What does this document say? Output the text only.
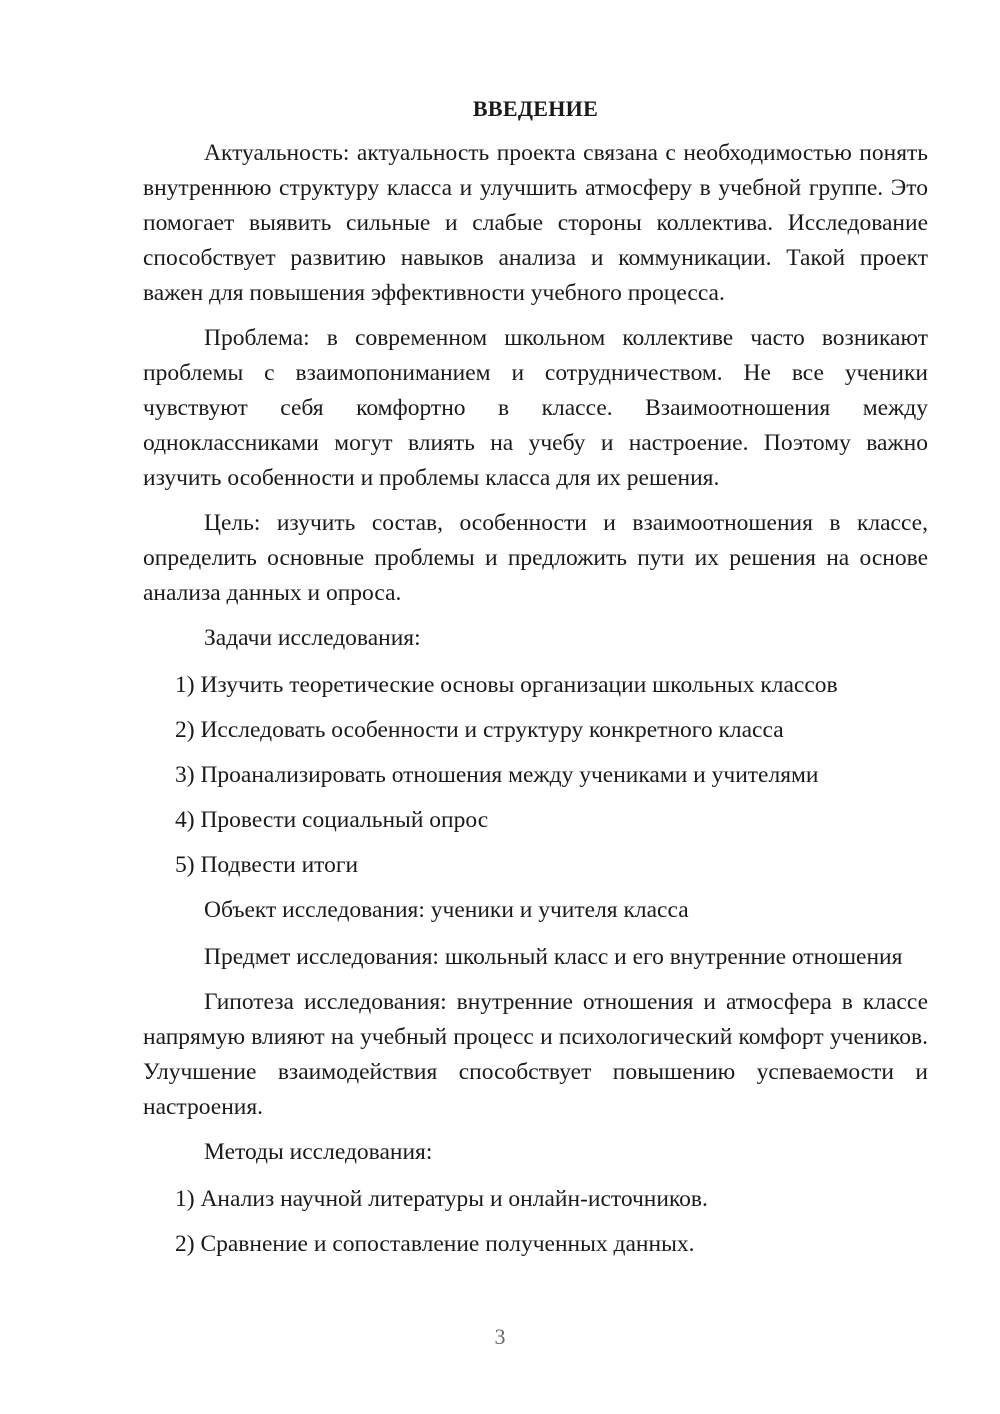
ВВЕДЕНИЕ

Актуальность: актуальность проекта связана с необходимостью понять внутреннюю структуру класса и улучшить атмосферу в учебной группе. Это помогает выявить сильные и слабые стороны коллектива. Исследование способствует развитию навыков анализа и коммуникации. Такой проект важен для повышения эффективности учебного процесса.

Проблема: в современном школьном коллективе часто возникают проблемы с взаимопониманием и сотрудничеством. Не все ученики чувствуют себя комфортно в классе. Взаимоотношения между одноклассниками могут влиять на учебу и настроение. Поэтому важно изучить особенности и проблемы класса для их решения.

Цель: изучить состав, особенности и взаимоотношения в классе, определить основные проблемы и предложить пути их решения на основе анализа данных и опроса.

Задачи исследования:

1) Изучить теоретические основы организации школьных классов
2) Исследовать особенности и структуру конкретного класса
3) Проанализировать отношения между учениками и учителями
4) Провести социальный опрос
5) Подвести итоги

Объект исследования: ученики и учителя класса

Предмет исследования: школьный класс и его внутренние отношения

Гипотеза исследования: внутренние отношения и атмосфера в классе напрямую влияют на учебный процесс и психологический комфорт учеников. Улучшение взаимодействия способствует повышению успеваемости и настроения.

Методы исследования:

1) Анализ научной литературы и онлайн-источников.
2) Сравнение и сопоставление полученных данных.
3
